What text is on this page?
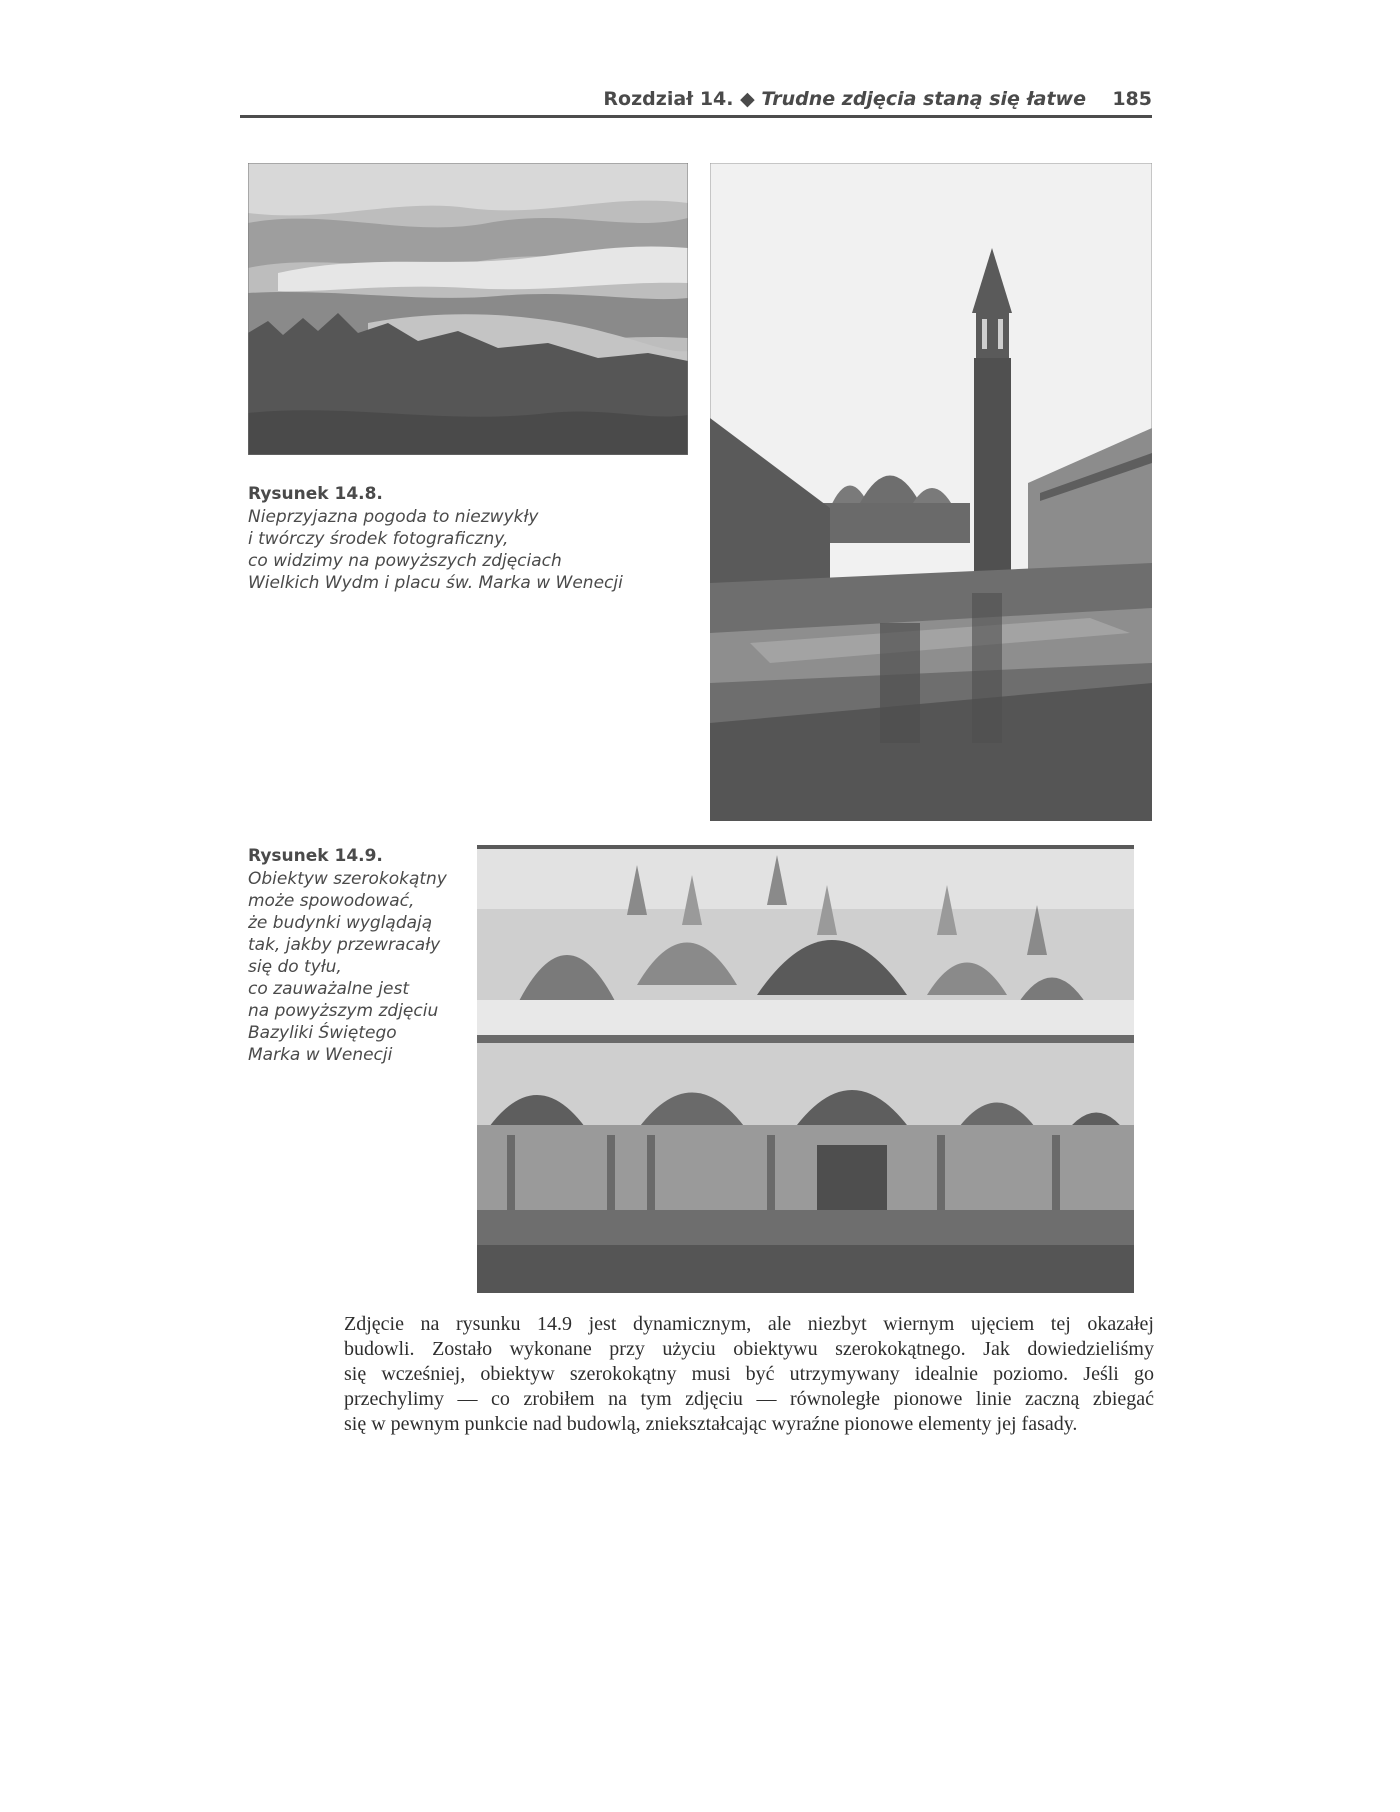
Rozdział 14. ◆ Trudne zdjęcia staną się łatwe 185
Rysunek 14.8.
Nieprzyjazna pogoda to niezwykły
i twórczy środek fotograficzny,
co widzimy na powyższych zdjęciach
Wielkich Wydm i placu św. Marka w Wenecji
Rysunek 14.9.
Obiektyw szerokokątny
może spowodować,
że budynki wyglądają
tak, jakby przewracały
się do tyłu,
co zauważalne jest
na powyższym zdjęciu
Bazyliki Świętego
Marka w Wenecji
Zdjęcie na rysunku 14.9 jest dynamicznym, ale niezbyt wiernym ujęciem tej okazałej
budowli. Zostało wykonane przy użyciu obiektywu szerokokątnego. Jak dowiedzieliśmy
się wcześniej, obiektyw szerokokątny musi być utrzymywany idealnie poziomo. Jeśli go
przechylimy — co zrobiłem na tym zdjęciu — równoległe pionowe linie zaczną zbiegać
się w pewnym punkcie nad budowlą, zniekształcając wyraźne pionowe elementy jej fasady.
